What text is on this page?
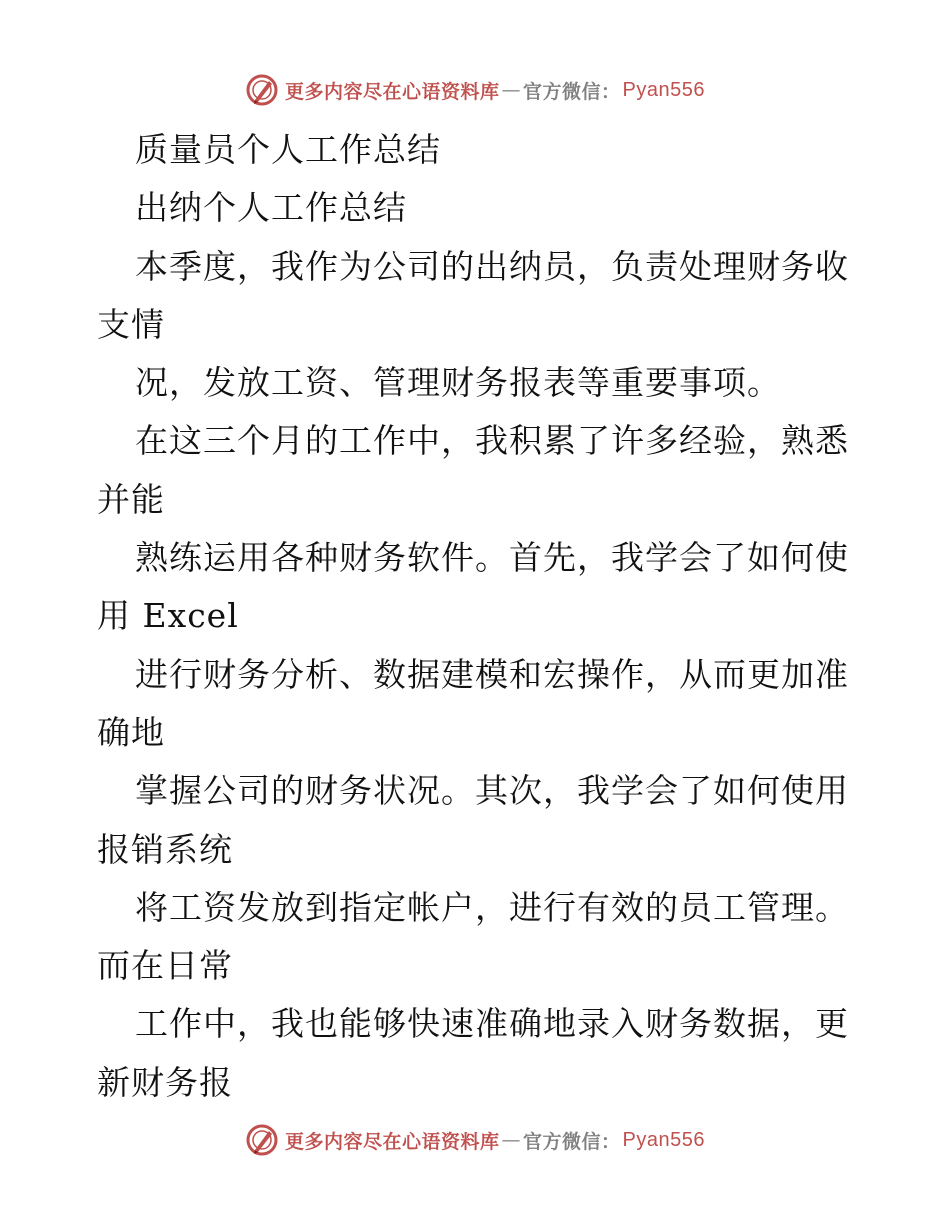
更多内容尽在心语资料库 — 官方微信： Pyan556
质量员个人工作总结
出纳个人工作总结
本季度，我作为公司的出纳员，负责处理财务收
支情
况，发放工资、管理财务报表等重要事项。
在这三个月的工作中，我积累了许多经验，熟悉
并能
熟练运用各种财务软件。首先，我学会了如何使
用 Excel
进行财务分析、数据建模和宏操作，从而更加准
确地
掌握公司的财务状况。其次，我学会了如何使用
报销系统
将工资发放到指定帐户，进行有效的员工管理。
而在日常
工作中，我也能够快速准确地录入财务数据，更
新财务报
更多内容尽在心语资料库 — 官方微信： Pyan556
